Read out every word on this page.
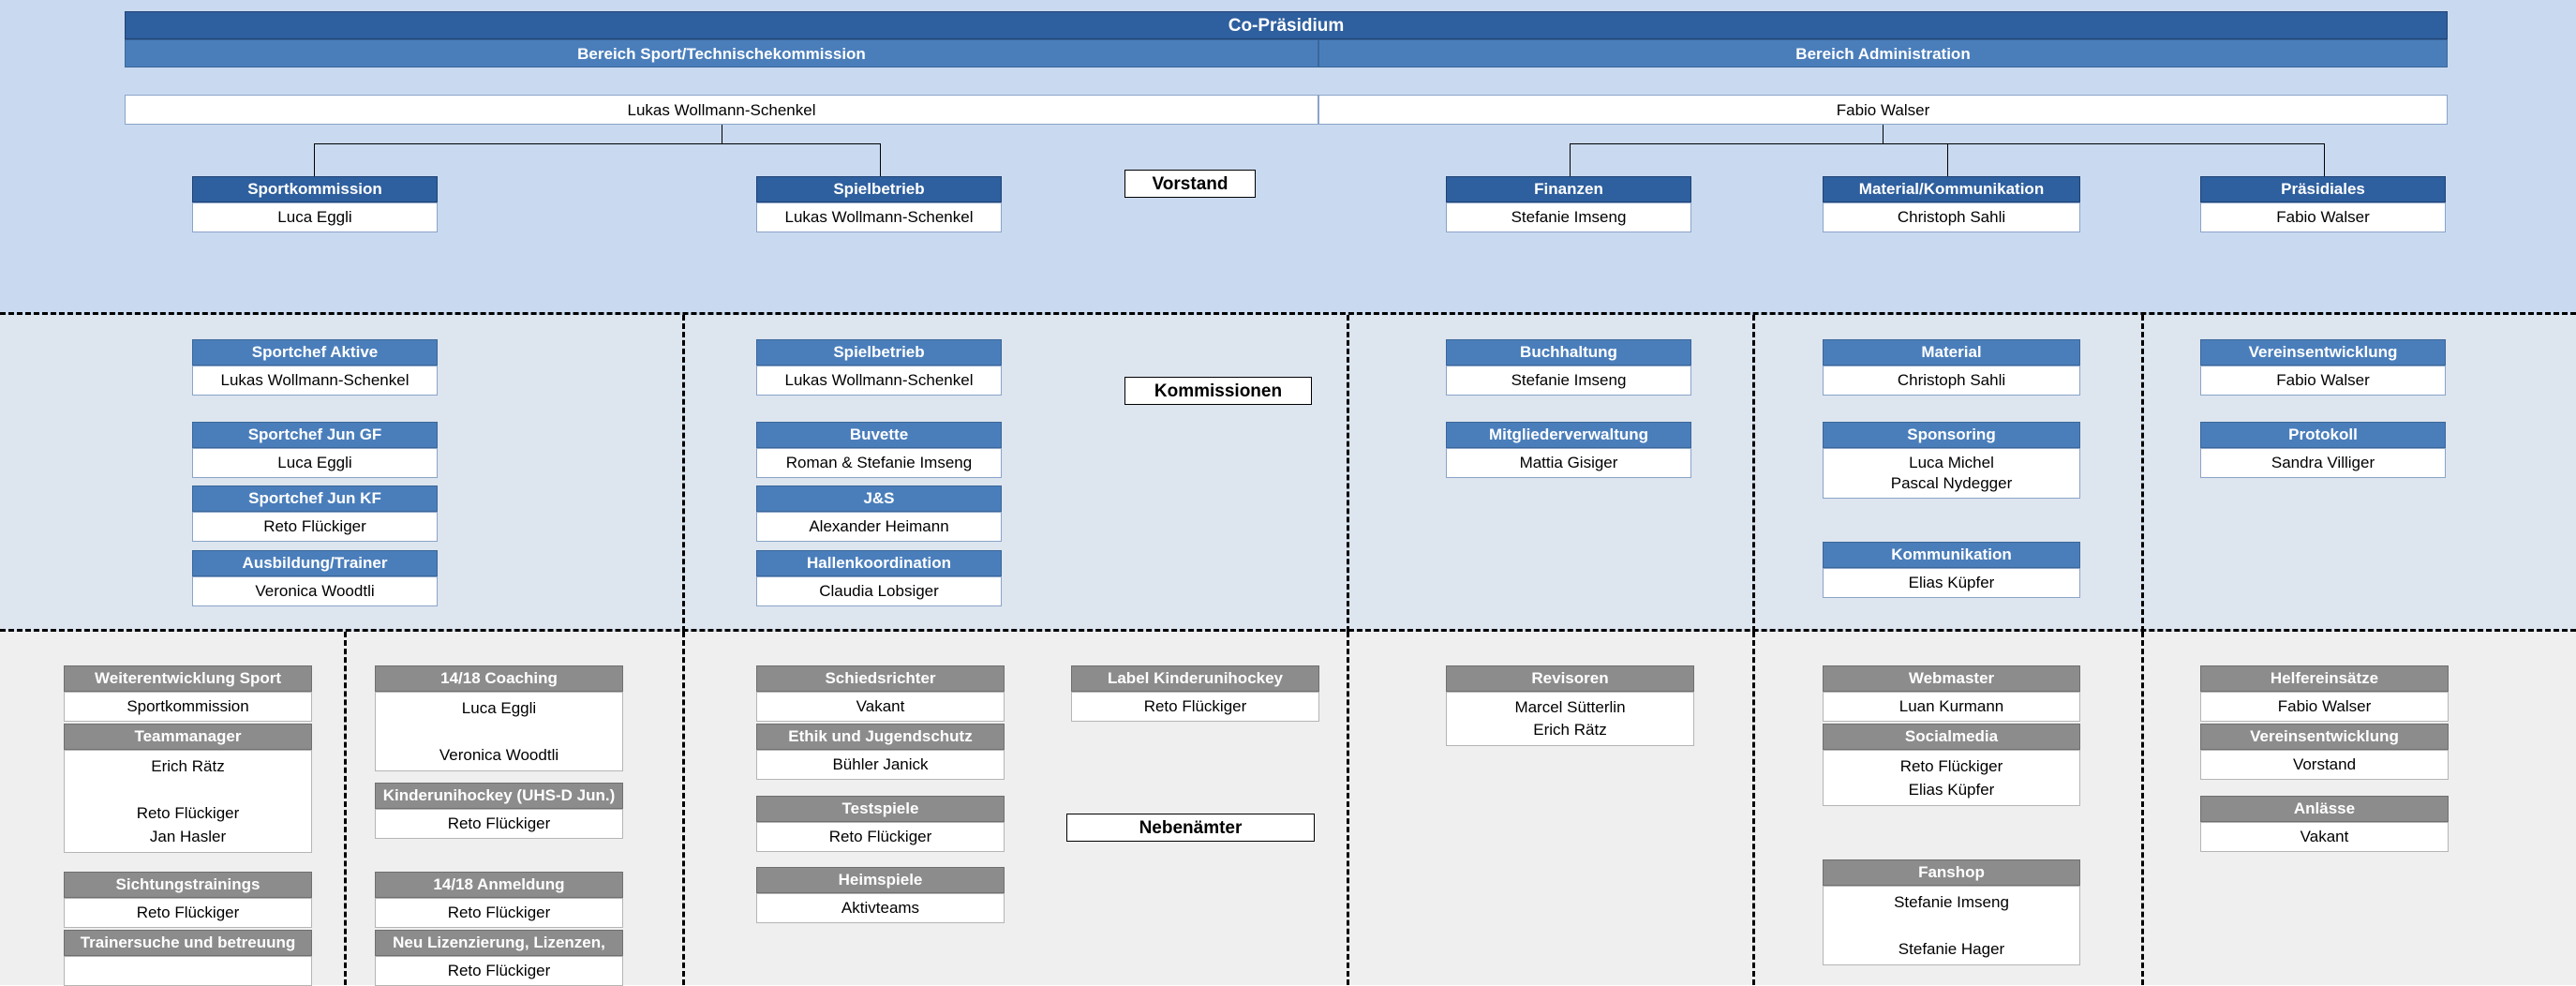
Co-Präsidium
Bereich Sport/Technischekommission	Bereich Administration
Lukas Wollmann-Schenkel	Fabio Walser
Vorstand
Kommissionen
Nebenämter
Sportkommission
Luca Eggli
Spielbetrieb
Lukas Wollmann-Schenkel
Finanzen
Stefanie Imseng
Material/Kommunikation
Christoph Sahli
Präsidiales
Fabio Walser
Sportchef Aktive
Lukas Wollmann-Schenkel
Sportchef Jun GF
Luca Eggli
Sportchef Jun KF
Reto Flückiger
Ausbildung/Trainer
Veronica Woodtli
Spielbetrieb
Lukas Wollmann-Schenkel
Buvette
Roman & Stefanie Imseng
J&S
Alexander Heimann
Hallenkoordination
Claudia Lobsiger
Buchhaltung
Stefanie Imseng
Mitgliederverwaltung
Mattia Gisiger
Material
Christoph Sahli
Sponsoring
Luca Michel
Pascal Nydegger
Kommunikation
Elias Küpfer
Vereinsentwicklung
Fabio Walser
Protokoll
Sandra Villiger
Weiterentwicklung Sport
Sportkommission
Teammanager
Erich Rätz

Reto Flückiger
Jan Hasler
Sichtungstrainings
Reto Flückiger
Trainersuche und betreuung

14/18 Coaching
Luca Eggli

Veronica Woodtli
Kinderunihockey (UHS-D Jun.)
Reto Flückiger
14/18 Anmeldung
Reto Flückiger
Neu Lizenzierung, Lizenzen,
Reto Flückiger
Schiedsrichter
Vakant
Ethik und Jugendschutz
Bühler Janick
Testspiele
Reto Flückiger
Heimspiele
Aktivteams
Label Kinderunihockey
Reto Flückiger
Revisoren
Marcel Sütterlin
Erich Rätz
Webmaster
Luan Kurmann
Socialmedia
Reto Flückiger
Elias Küpfer
Fanshop
Stefanie Imseng

Stefanie Hager
Helfereinsätze
Fabio Walser
Vereinsentwicklung
Vorstand
Anlässe
Vakant
